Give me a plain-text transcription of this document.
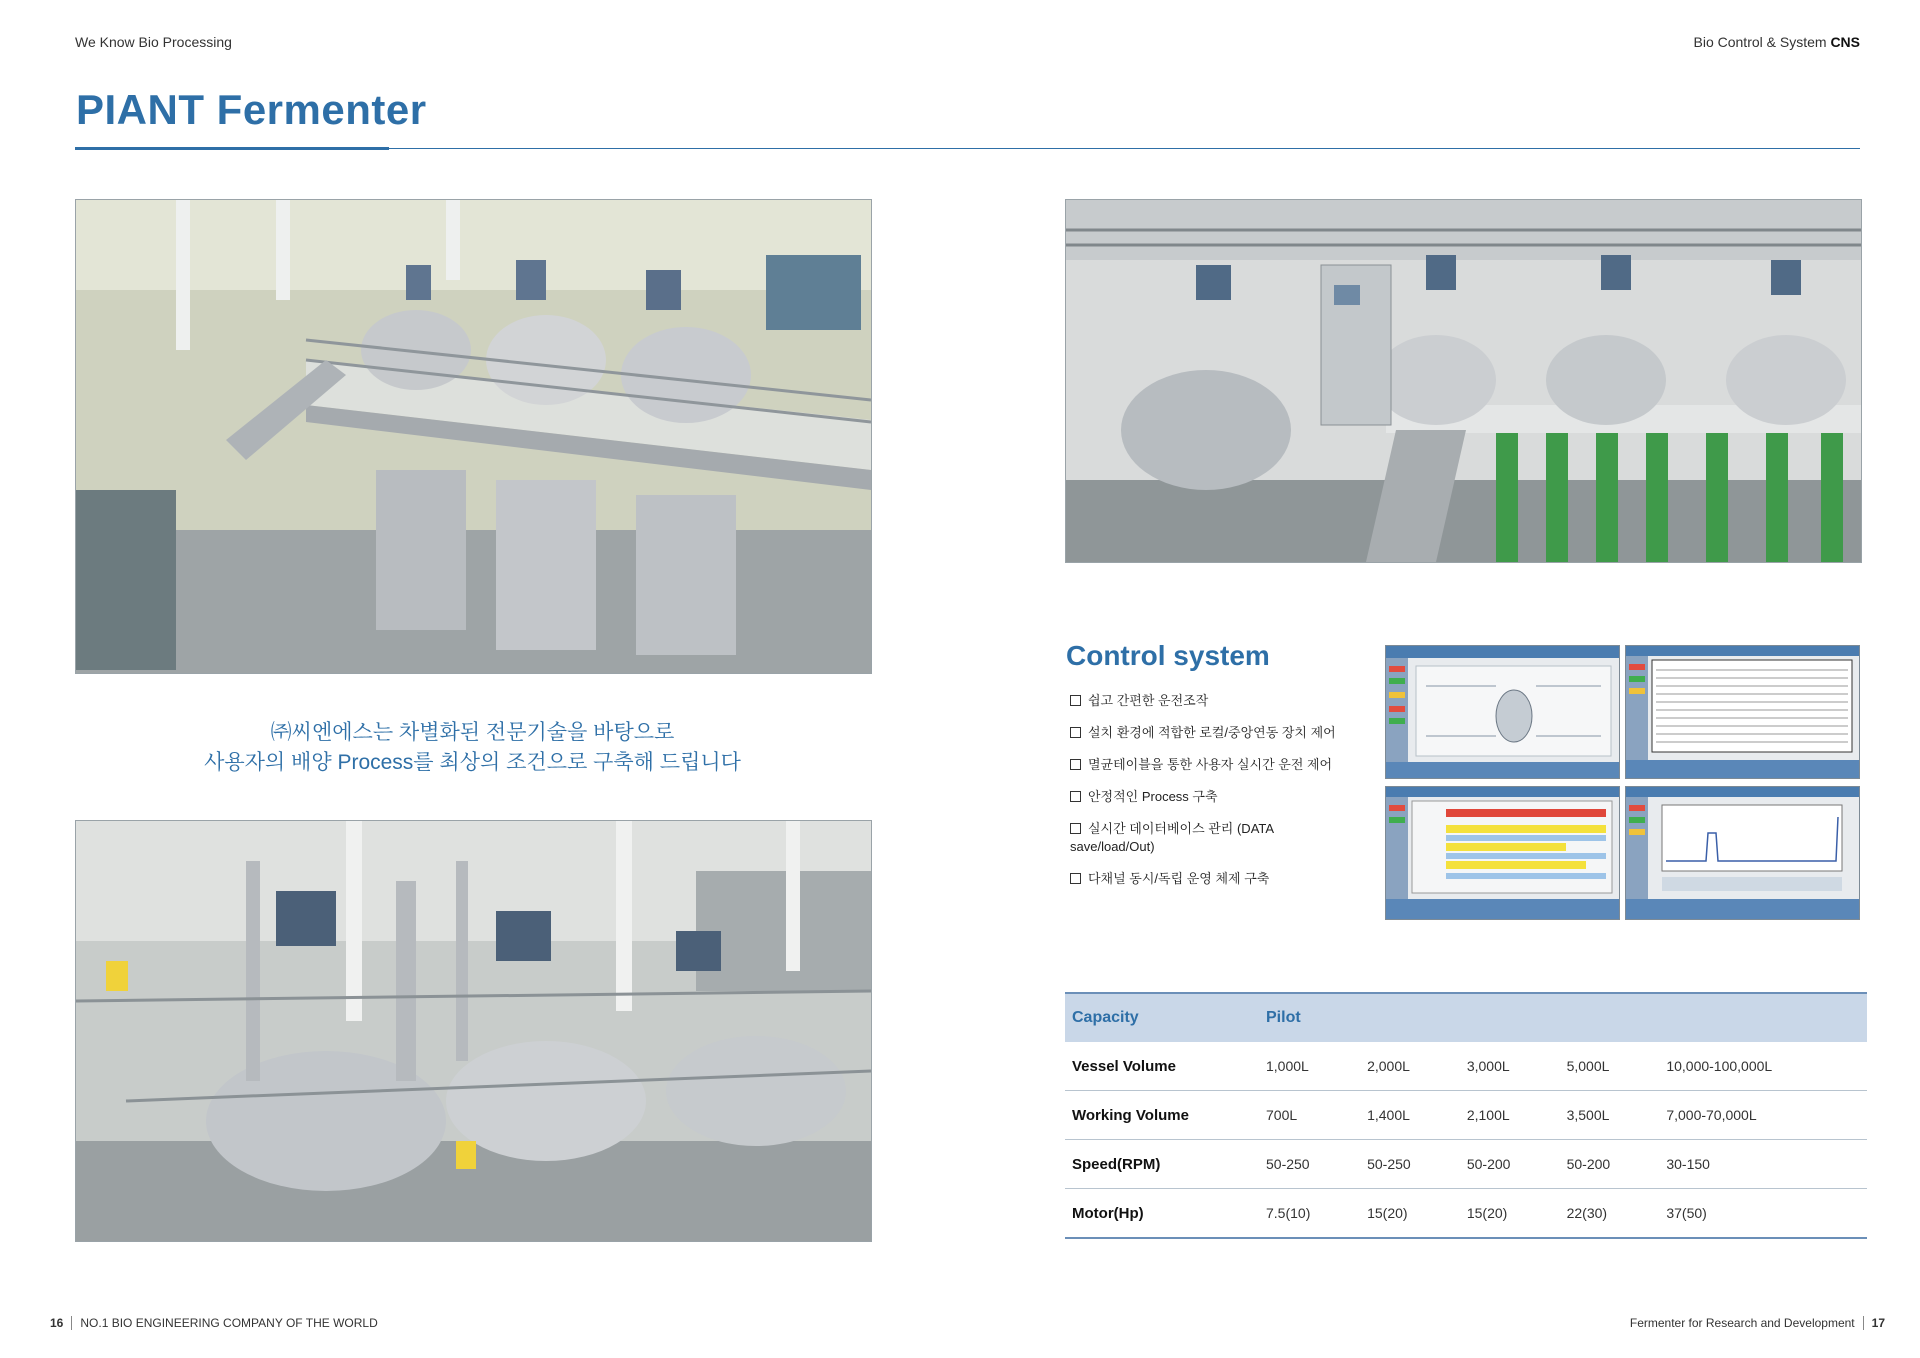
We Know Bio Processing	Bio Control & System CNS
PIANT Fermenter
㈜씨엔에스는 차별화된 전문기술을 바탕으로
사용자의 배양 Process를 최상의 조건으로 구축해 드립니다
Control system
쉽고 간편한 운전조작
설치 환경에 적합한 로컬/중앙연동 장치 제어
멸균테이블을 통한 사용자 실시간 운전 제어
안정적인 Process 구축
실시간 데이터베이스 관리 (DATA save/load/Out)
다채널 동시/독립 운영 체제 구축
Capacity	Pilot				
Vessel Volume	1,000L	2,000L	3,000L	5,000L	10,000-100,000L
Working Volume	700L	1,400L	2,100L	3,500L	7,000-70,000L
Speed(RPM)	50-250	50-250	50-200	50-200	30-150
Motor(Hp)	7.5(10)	15(20)	15(20)	22(30)	37(50)
16 NO.1 BIO ENGINEERING COMPANY OF THE WORLD	Fermenter for Research and Development 17
